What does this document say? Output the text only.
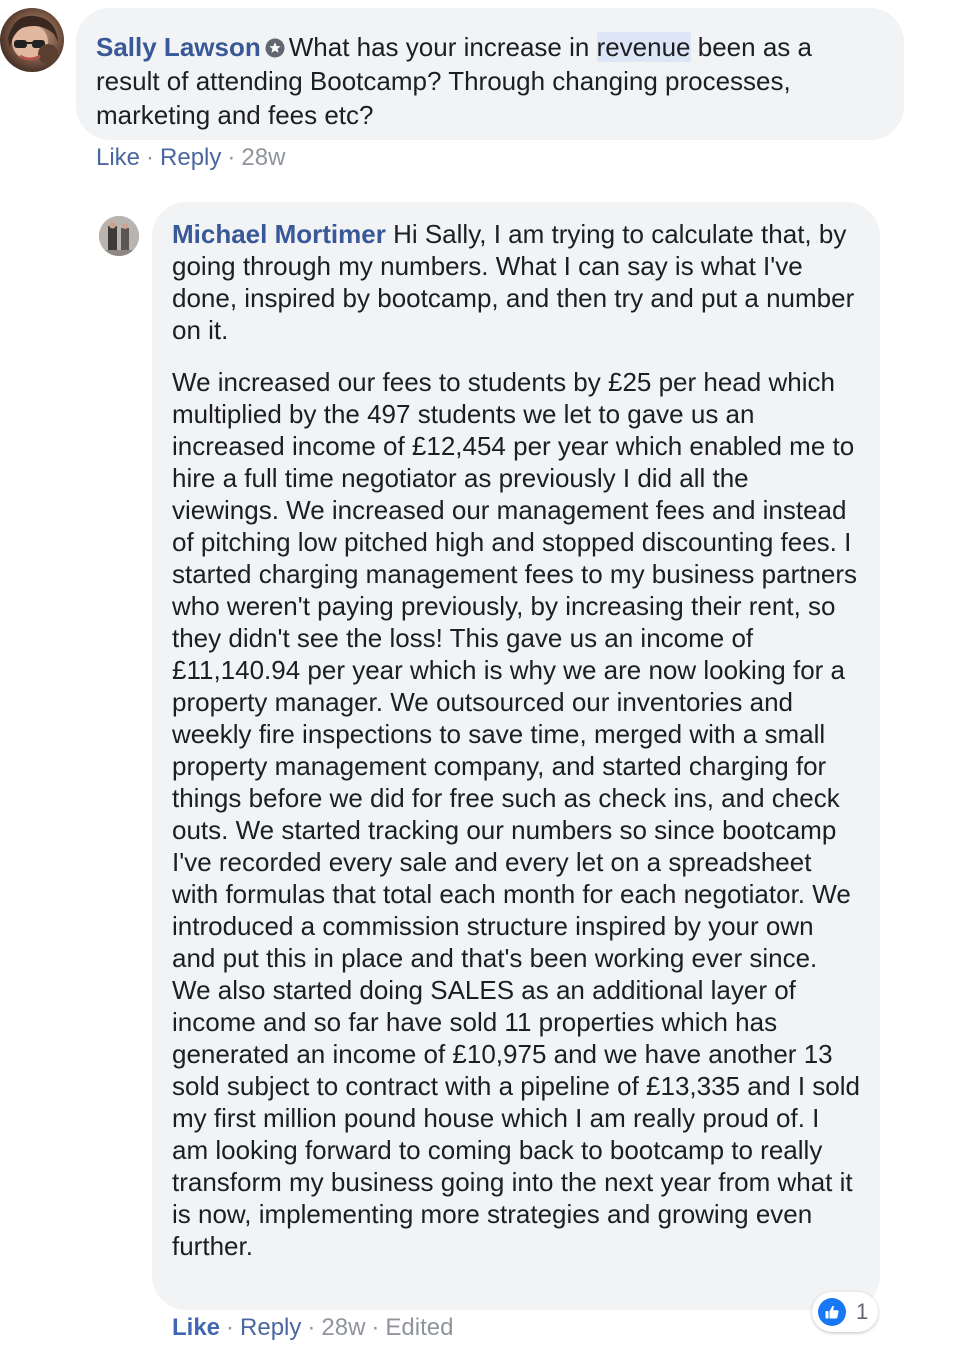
Sally Lawson What has your increase in revenue been as a result of attending Bootcamp? Through changing processes, marketing and fees etc?
Like · Reply · 28w

Michael Mortimer Hi Sally, I am trying to calculate that, by going through my numbers. What I can say is what I've done, inspired by bootcamp, and then try and put a number on it.

We increased our fees to students by £25 per head which multiplied by the 497 students we let to gave us an increased income of £12,454 per year which enabled me to hire a full time negotiator as previously I did all the viewings. We increased our management fees and instead of pitching low pitched high and stopped discounting fees. I started charging management fees to my business partners who weren't paying previously, by increasing their rent, so they didn't see the loss! This gave us an income of £11,140.94 per year which is why we are now looking for a property manager. We outsourced our inventories and weekly fire inspections to save time, merged with a small property management company, and started charging for things before we did for free such as check ins, and check outs. We started tracking our numbers so since bootcamp I've recorded every sale and every let on a spreadsheet with formulas that total each month for each negotiator. We introduced a commission structure inspired by your own and put this in place and that's been working ever since. We also started doing SALES as an additional layer of income and so far have sold 11 properties which has generated an income of £10,975 and we have another 13 sold subject to contract with a pipeline of £13,335 and I sold my first million pound house which I am really proud of. I am looking forward to coming back to bootcamp to really transform my business going into the next year from what it is now, implementing more strategies and growing even further.

Like · Reply · 28w · Edited
1
